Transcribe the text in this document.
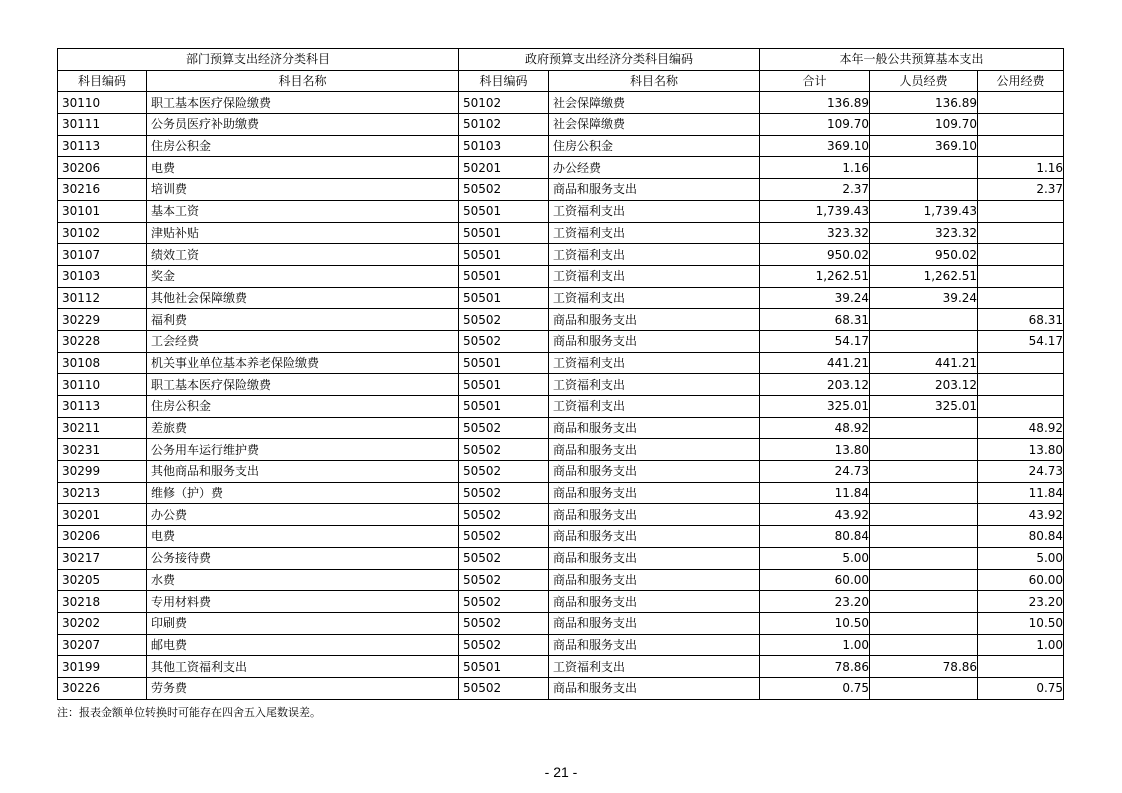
部门预算支出经济分类科目		政府预算支出经济分类科目编码		本年一般公共预算基本支出		
科目编码	科目名称	科目编码	科目名称	合计	人员经费	公用经费
30110	职工基本医疗保险缴费	50102	社会保障缴费	136.89	136.89	
30111	公务员医疗补助缴费	50102	社会保障缴费	109.70	109.70	
30113	住房公积金	50103	住房公积金	369.10	369.10	
30206	电费	50201	办公经费	1.16		1.16
30216	培训费	50502	商品和服务支出	2.37		2.37
30101	基本工资	50501	工资福利支出	1,739.43	1,739.43	
30102	津贴补贴	50501	工资福利支出	323.32	323.32	
30107	绩效工资	50501	工资福利支出	950.02	950.02	
30103	奖金	50501	工资福利支出	1,262.51	1,262.51	
30112	其他社会保障缴费	50501	工资福利支出	39.24	39.24	
30229	福利费	50502	商品和服务支出	68.31		68.31
30228	工会经费	50502	商品和服务支出	54.17		54.17
30108	机关事业单位基本养老保险缴费	50501	工资福利支出	441.21	441.21	
30110	职工基本医疗保险缴费	50501	工资福利支出	203.12	203.12	
30113	住房公积金	50501	工资福利支出	325.01	325.01	
30211	差旅费	50502	商品和服务支出	48.92		48.92
30231	公务用车运行维护费	50502	商品和服务支出	13.80		13.80
30299	其他商品和服务支出	50502	商品和服务支出	24.73		24.73
30213	维修（护）费	50502	商品和服务支出	11.84		11.84
30201	办公费	50502	商品和服务支出	43.92		43.92
30206	电费	50502	商品和服务支出	80.84		80.84
30217	公务接待费	50502	商品和服务支出	5.00		5.00
30205	水费	50502	商品和服务支出	60.00		60.00
30218	专用材料费	50502	商品和服务支出	23.20		23.20
30202	印刷费	50502	商品和服务支出	10.50		10.50
30207	邮电费	50502	商品和服务支出	1.00		1.00
30199	其他工资福利支出	50501	工资福利支出	78.86	78.86	
30226	劳务费	50502	商品和服务支出	0.75		0.75
注：报表金额单位转换时可能存在四舍五入尾数误差。
- 21 -
